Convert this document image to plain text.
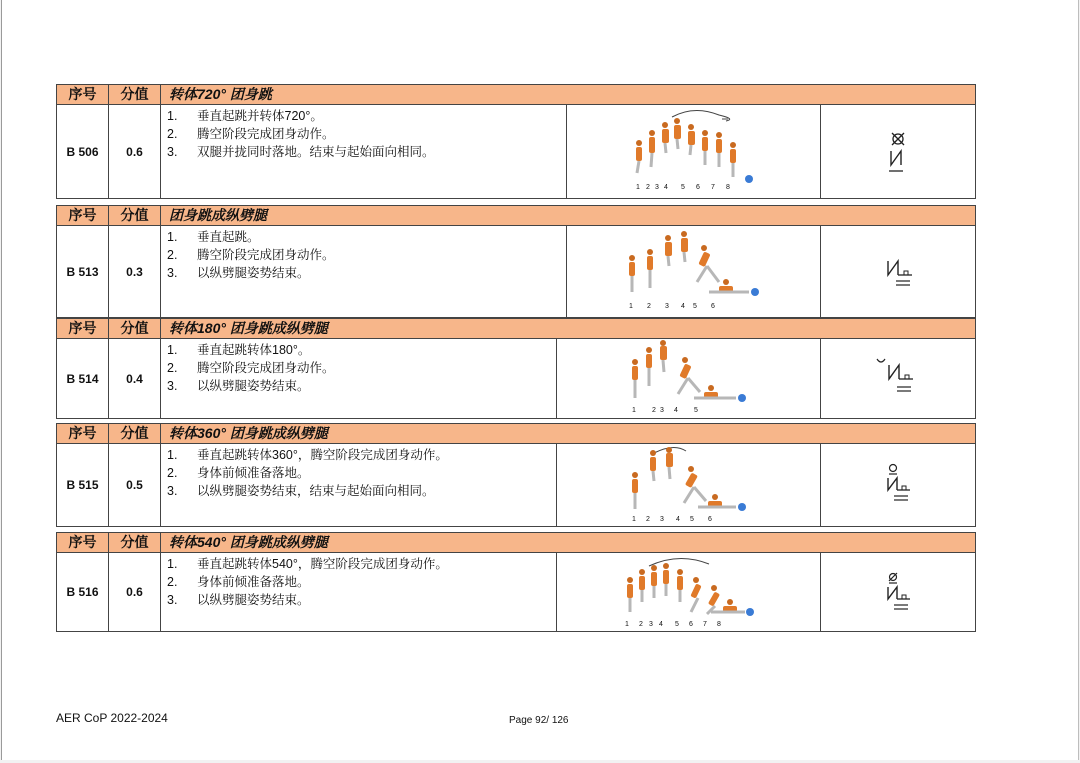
序号	分值	转体720° 团身跳
B 506	0.6
1.	垂直起跳并转体720°。
2.	腾空阶段完成团身动作。
3.	双腿并拢同时落地。结束与起始面向相同。
1 2 3 4 5 6 7 8
序号	分值	团身跳成纵劈腿
B 513	0.3
1.	垂直起跳。
2.	腾空阶段完成团身动作。
3.	以纵劈腿姿势结束。
1 2 3 4 5 6
序号	分值	转体180° 团身跳成纵劈腿
B 514	0.4
1.	垂直起跳转体180°。
2.	腾空阶段完成团身动作。
3.	以纵劈腿姿势结束。
1 2 3 4 5
序号	分值	转体360° 团身跳成纵劈腿
B 515	0.5
1.	垂直起跳转体360°，腾空阶段完成团身动作。
2.	身体前倾准备落地。
3.	以纵劈腿姿势结束，结束与起始面向相同。
1 2 3 4 5 6
序号	分值	转体540° 团身跳成纵劈腿
B 516	0.6
1.	垂直起跳转体540°，腾空阶段完成团身动作。
2.	身体前倾准备落地。
3.	以纵劈腿姿势结束。
1 2 3 4 5 6 7 8
AER CoP 2022-2024	Page 92/ 126
